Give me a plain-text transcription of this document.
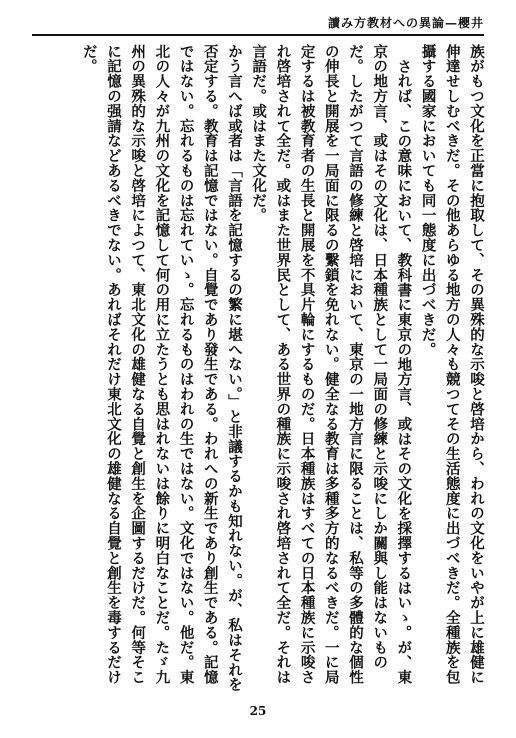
讀み方教材への異論—櫻井

族がもつ文化を正當に抱取して、その異殊的な示唆と啓培から、われの文化をいやが上に雄健に伸達せしむべきだ。その他あらゆる地方の人々も競つてその生活態度に出づべきだ。全種族を包攝する國家においても同一態度に出づべきだ。

されば、この意味において、教科書に東京の地方言、或はその文化を採擇するはいゝ。が、東京の地方言、或はその文化は、日本種族として一局面の修練と示唆にしか關與し能はないものだ。したがつて言語の修練と啓培において、東京の一地方言に限ることは、私等の多體的な個性の伸長と開展を一局面に限るの繫鎖を免れない。健全なる教育は多種多方的なるべきだ。一に局定するは被教育者の生長と開展を不具片輪にするものだ。日本種族はすべての日本種族に示唆され啓培されて全だ。或はまた世界民として、ある世界の種族に示唆され啓培されて全だ。それは言語だ。或はまた文化だ。

かう言へば或者は「言語を記憶するの繁に堪へない。」と非議するかも知れない。が、私はそれを否定する。教育は記憶ではない。自覺であり發生である。われへの新生であり創生である。記憶ではない。忘れるものは忘れていゝ。忘れるものはわれの生ではない。文化ではない。他だ。東北の人々が九州の文化を記憶して何の用に立たうとも思はれないは餘りに明白なことだ。たゞ九州の異殊的な示唆と啓培によつて、東北文化の雄健なる自覺と創生を企圖するだけだ。何等そこに記憶の强請などあるべきでない。あればそれだけ東北文化の雄健なる自覺と創生を毒するだけだ。

25
